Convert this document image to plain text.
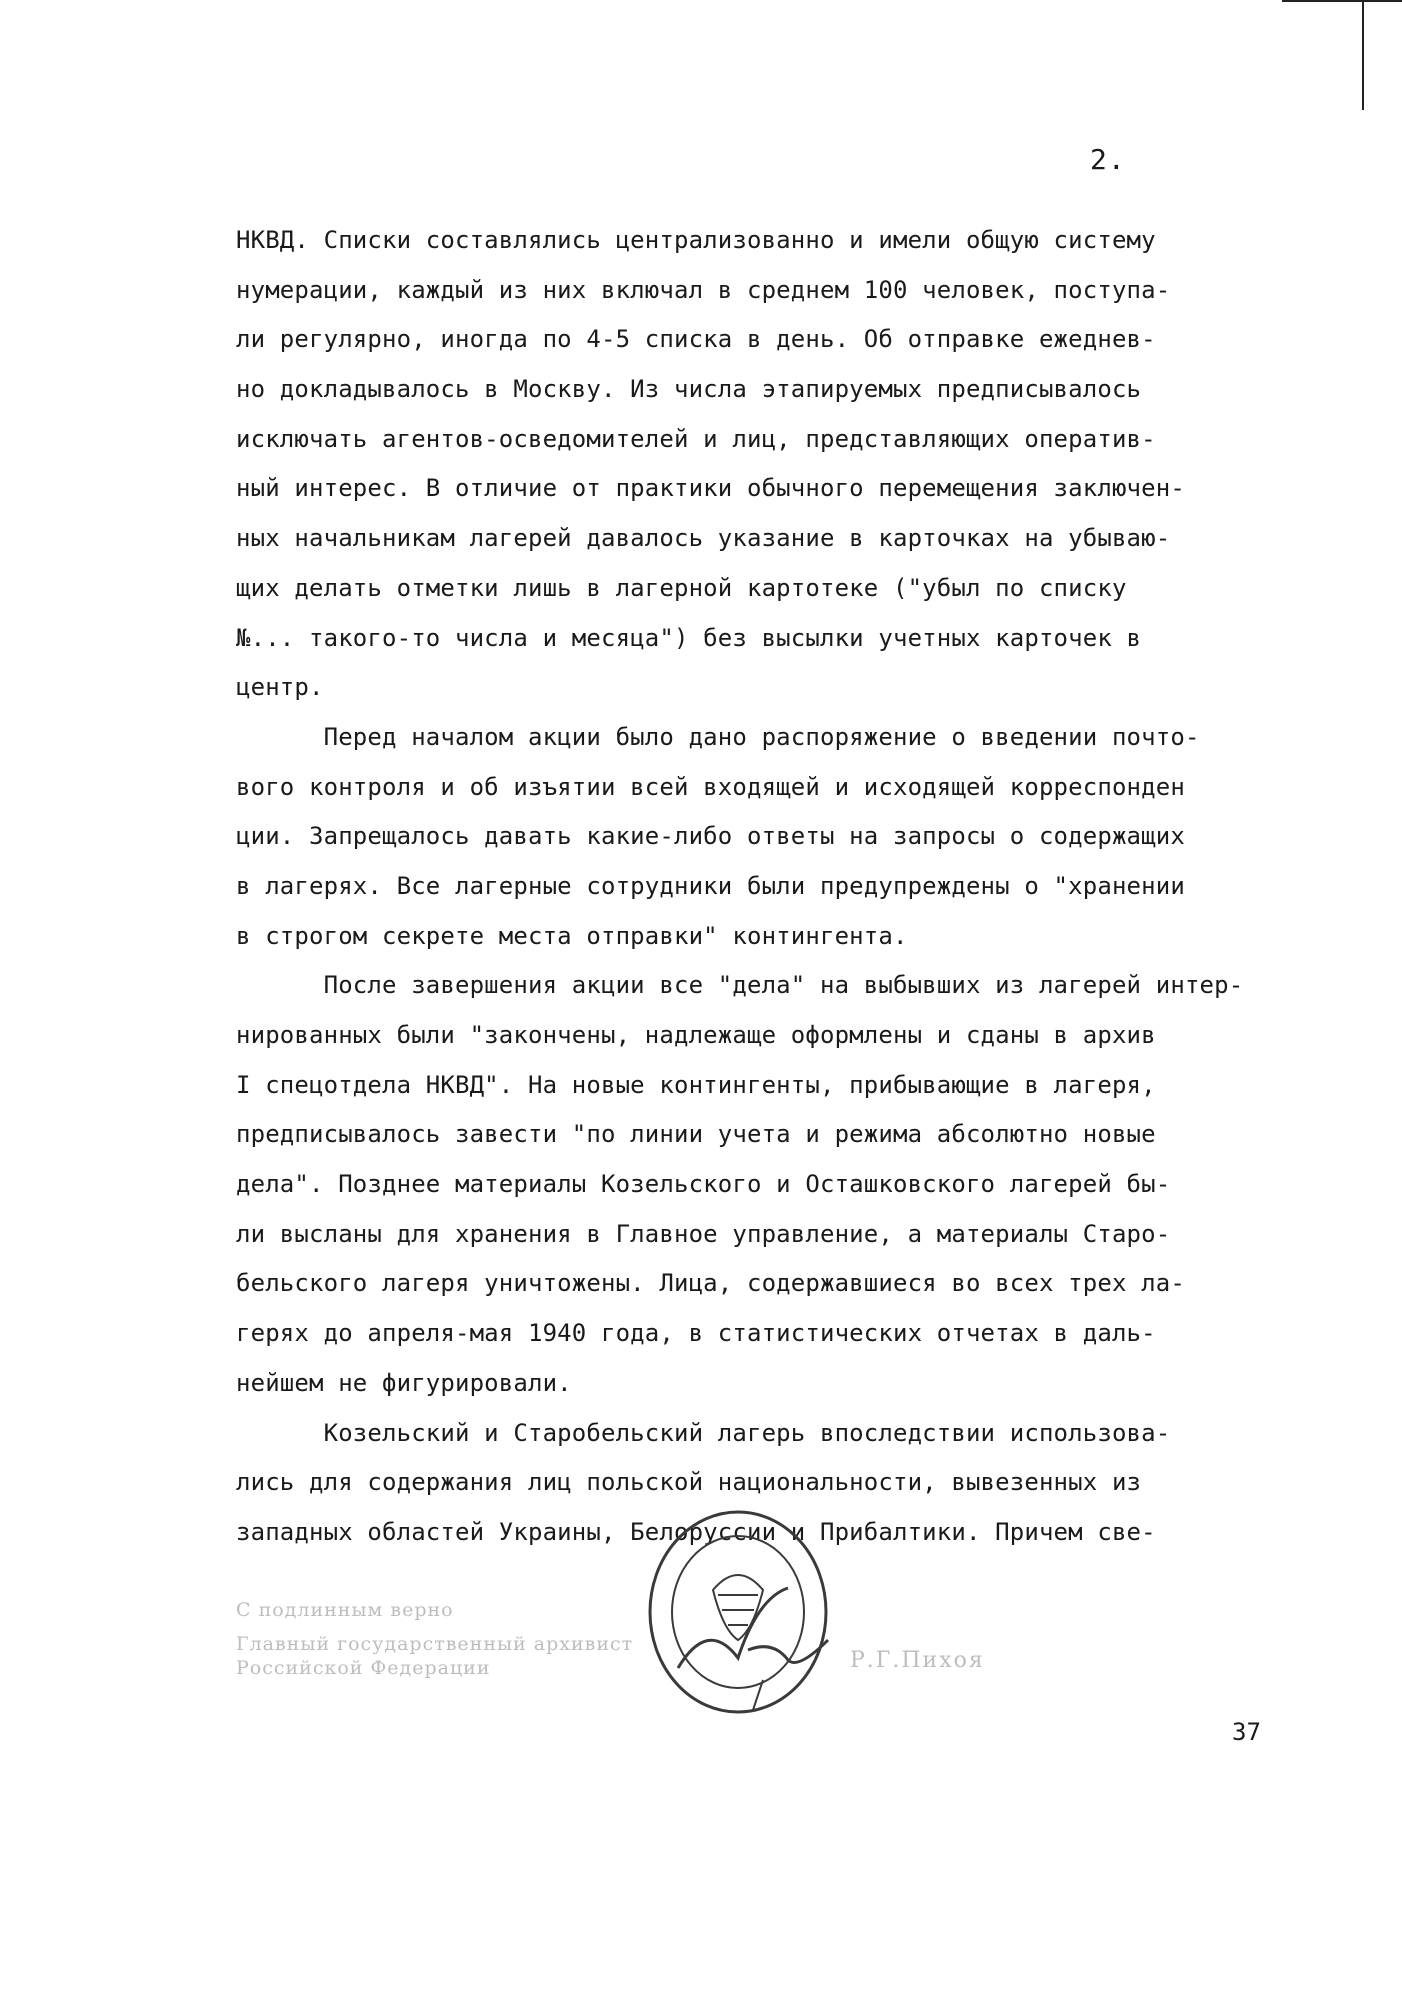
2.
НКВД. Списки составлялись централизованно и имели общую систему
нумерации, каждый из них включал в среднем 100 человек, поступа-
ли регулярно, иногда по 4-5 списка в день. Об отправке ежеднев-
но докладывалось в Москву. Из числа этапируемых предписывалось
исключать агентов-осведомителей и лиц, представляющих оператив-
ный интерес. В отличие от практики обычного перемещения заключен-
ных начальникам лагерей давалось указание в карточках на убываю-
щих делать отметки лишь в лагерной картотеке ("убыл по списку
№... такого-то числа и месяца") без высылки учетных карточек в
центр.
Перед началом акции было дано распоряжение о введении почто-
вого контроля и об изъятии всей входящей и исходящей корреспонден
ции. Запрещалось давать какие-либо ответы на запросы о содержащих
в лагерях. Все лагерные сотрудники были предупреждены о "хранении
в строгом секрете места отправки" контингента.
После завершения акции все "дела" на выбывших из лагерей интер-
нированных были "закончены, надлежаще оформлены и сданы в архив
I спецотдела НКВД". На новые контингенты, прибывающие в лагеря,
предписывалось завести "по линии учета и режима абсолютно новые
дела". Позднее материалы Козельского и Осташковского лагерей бы-
ли высланы для хранения в Главное управление, а материалы Старо-
бельского лагеря уничтожены. Лица, содержавшиеся во всех трех ла-
герях до апреля-мая 1940 года, в статистических отчетах в даль-
нейшем не фигурировали.
Козельский и Старобельский лагерь впоследствии использова-
лись для содержания лиц польской национальности, вывезенных из
западных областей Украины, Белоруссии и Прибалтики. Причем све-
С подлинным верно
Главный государственный архивист
Российской Федерации	Р.Г.Пихоя
37
